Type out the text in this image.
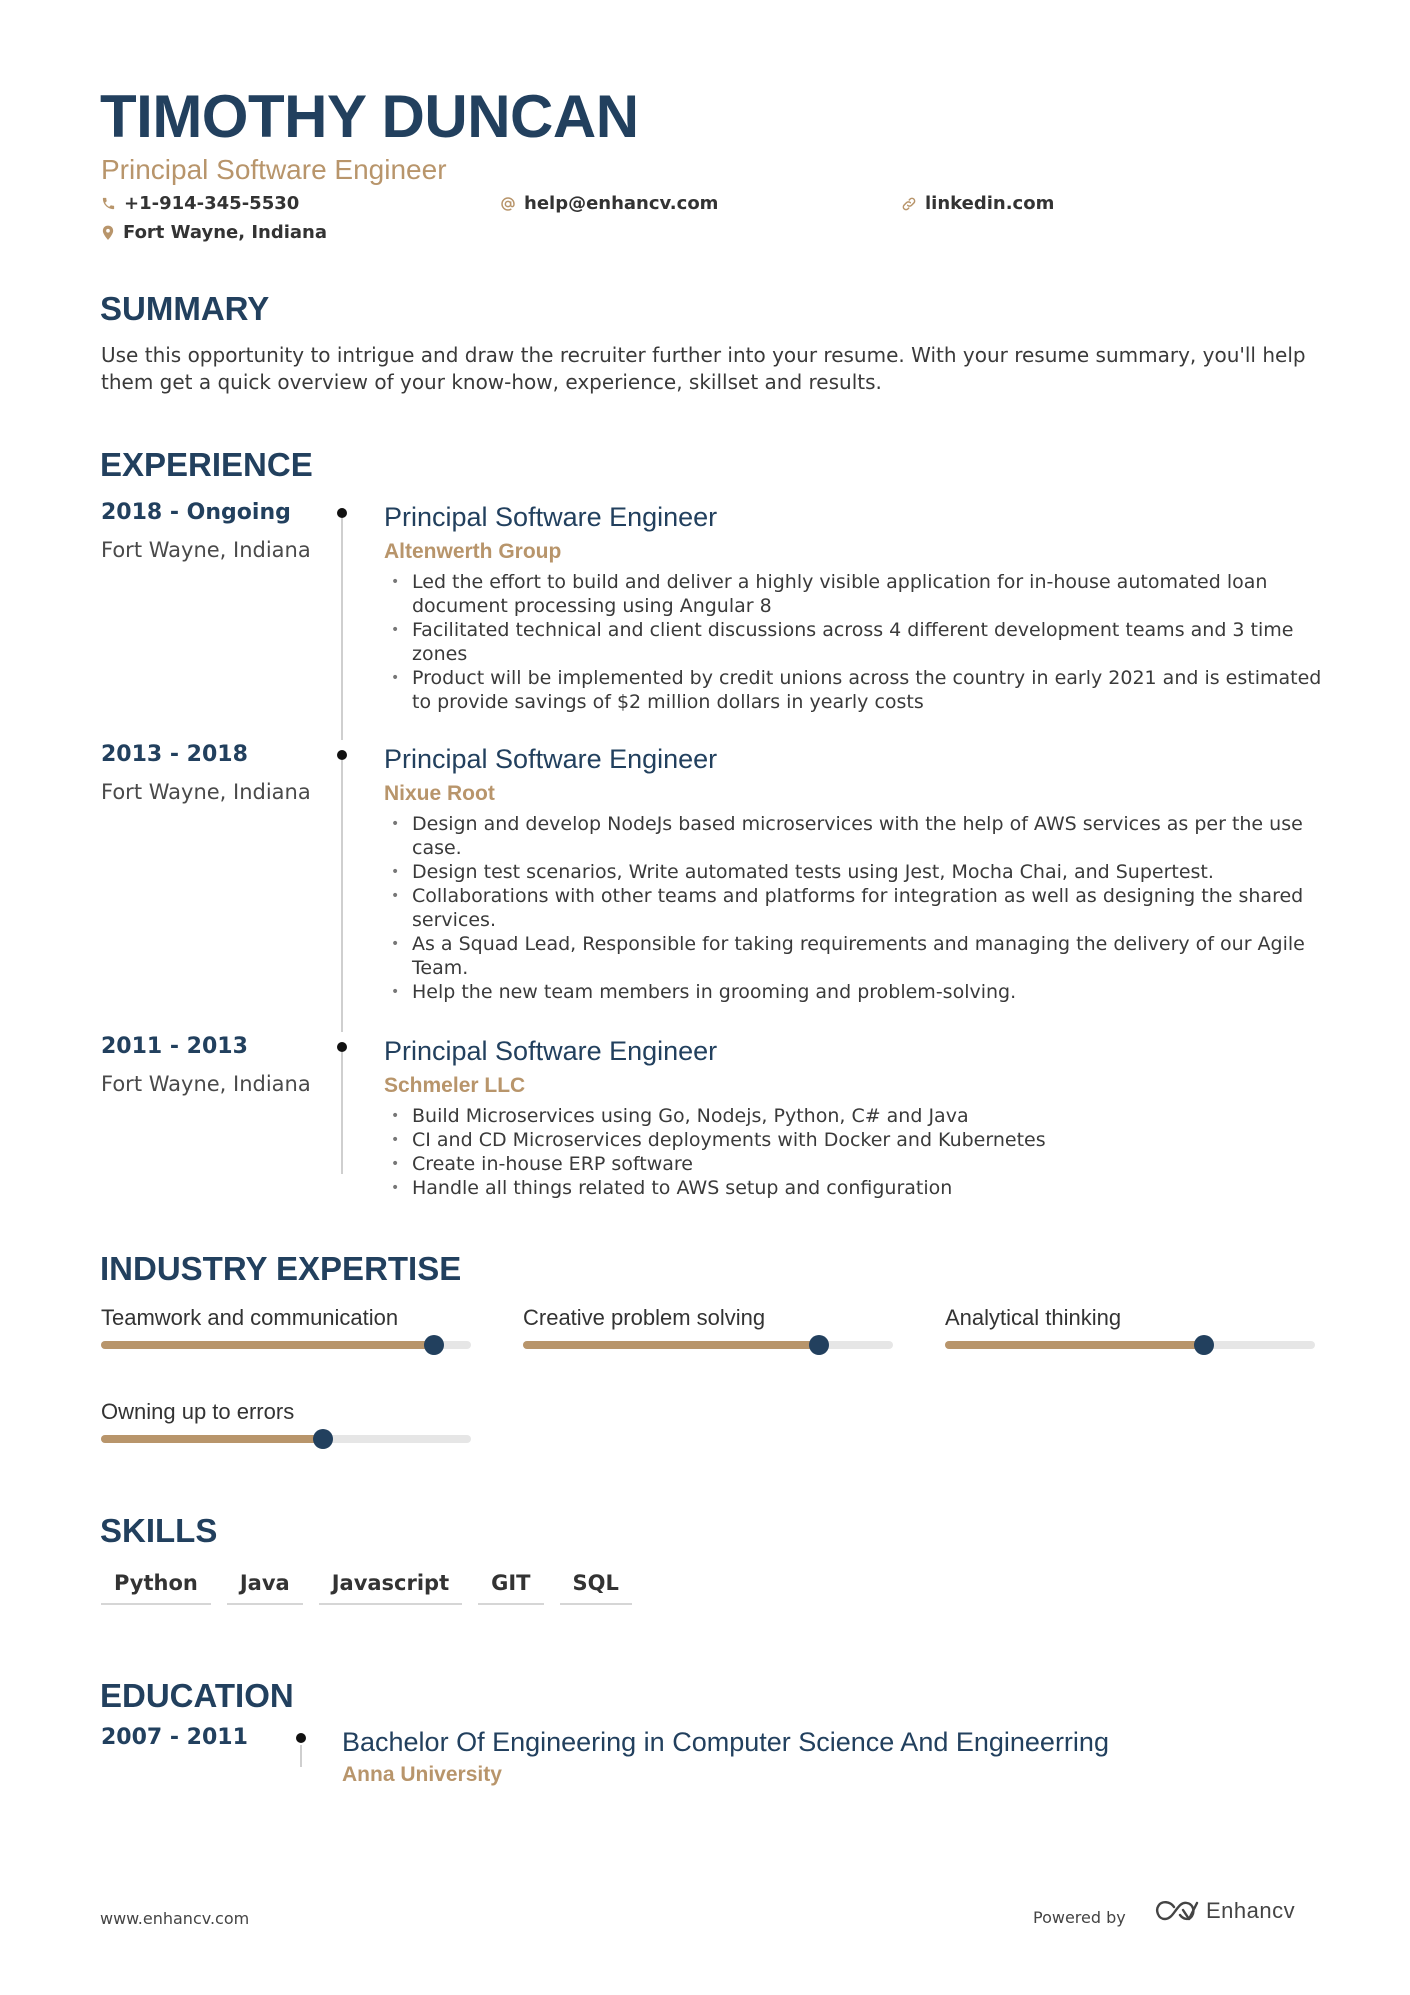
TIMOTHY DUNCAN
Principal Software Engineer
+1-914-345-5530	help@enhancv.com	linkedin.com
Fort Wayne, Indiana
SUMMARY
Use this opportunity to intrigue and draw the recruiter further into your resume. With your resume summary, you'll help them get a quick overview of your know-how, experience, skillset and results.
EXPERIENCE
2018 - Ongoing
Fort Wayne, Indiana
Principal Software Engineer
Altenwerth Group
• Led the effort to build and deliver a highly visible application for in-house automated loan document processing using Angular 8
• Facilitated technical and client discussions across 4 different development teams and 3 time zones
• Product will be implemented by credit unions across the country in early 2021 and is estimated to provide savings of $2 million dollars in yearly costs
2013 - 2018
Fort Wayne, Indiana
Principal Software Engineer
Nixue Root
• Design and develop NodeJs based microservices with the help of AWS services as per the use case.
• Design test scenarios, Write automated tests using Jest, Mocha Chai, and Supertest.
• Collaborations with other teams and platforms for integration as well as designing the shared services.
• As a Squad Lead, Responsible for taking requirements and managing the delivery of our Agile Team.
• Help the new team members in grooming and problem-solving.
2011 - 2013
Fort Wayne, Indiana
Principal Software Engineer
Schmeler LLC
• Build Microservices using Go, Nodejs, Python, C# and Java
• CI and CD Microservices deployments with Docker and Kubernetes
• Create in-house ERP software
• Handle all things related to AWS setup and configuration
INDUSTRY EXPERTISE
Teamwork and communication	Creative problem solving	Analytical thinking
Owning up to errors
SKILLS
Python	Java	Javascript	GIT	SQL
EDUCATION
2007 - 2011	Bachelor Of Engineering in Computer Science And Engineerring
Anna University
www.enhancv.com	Powered by	Enhancv
